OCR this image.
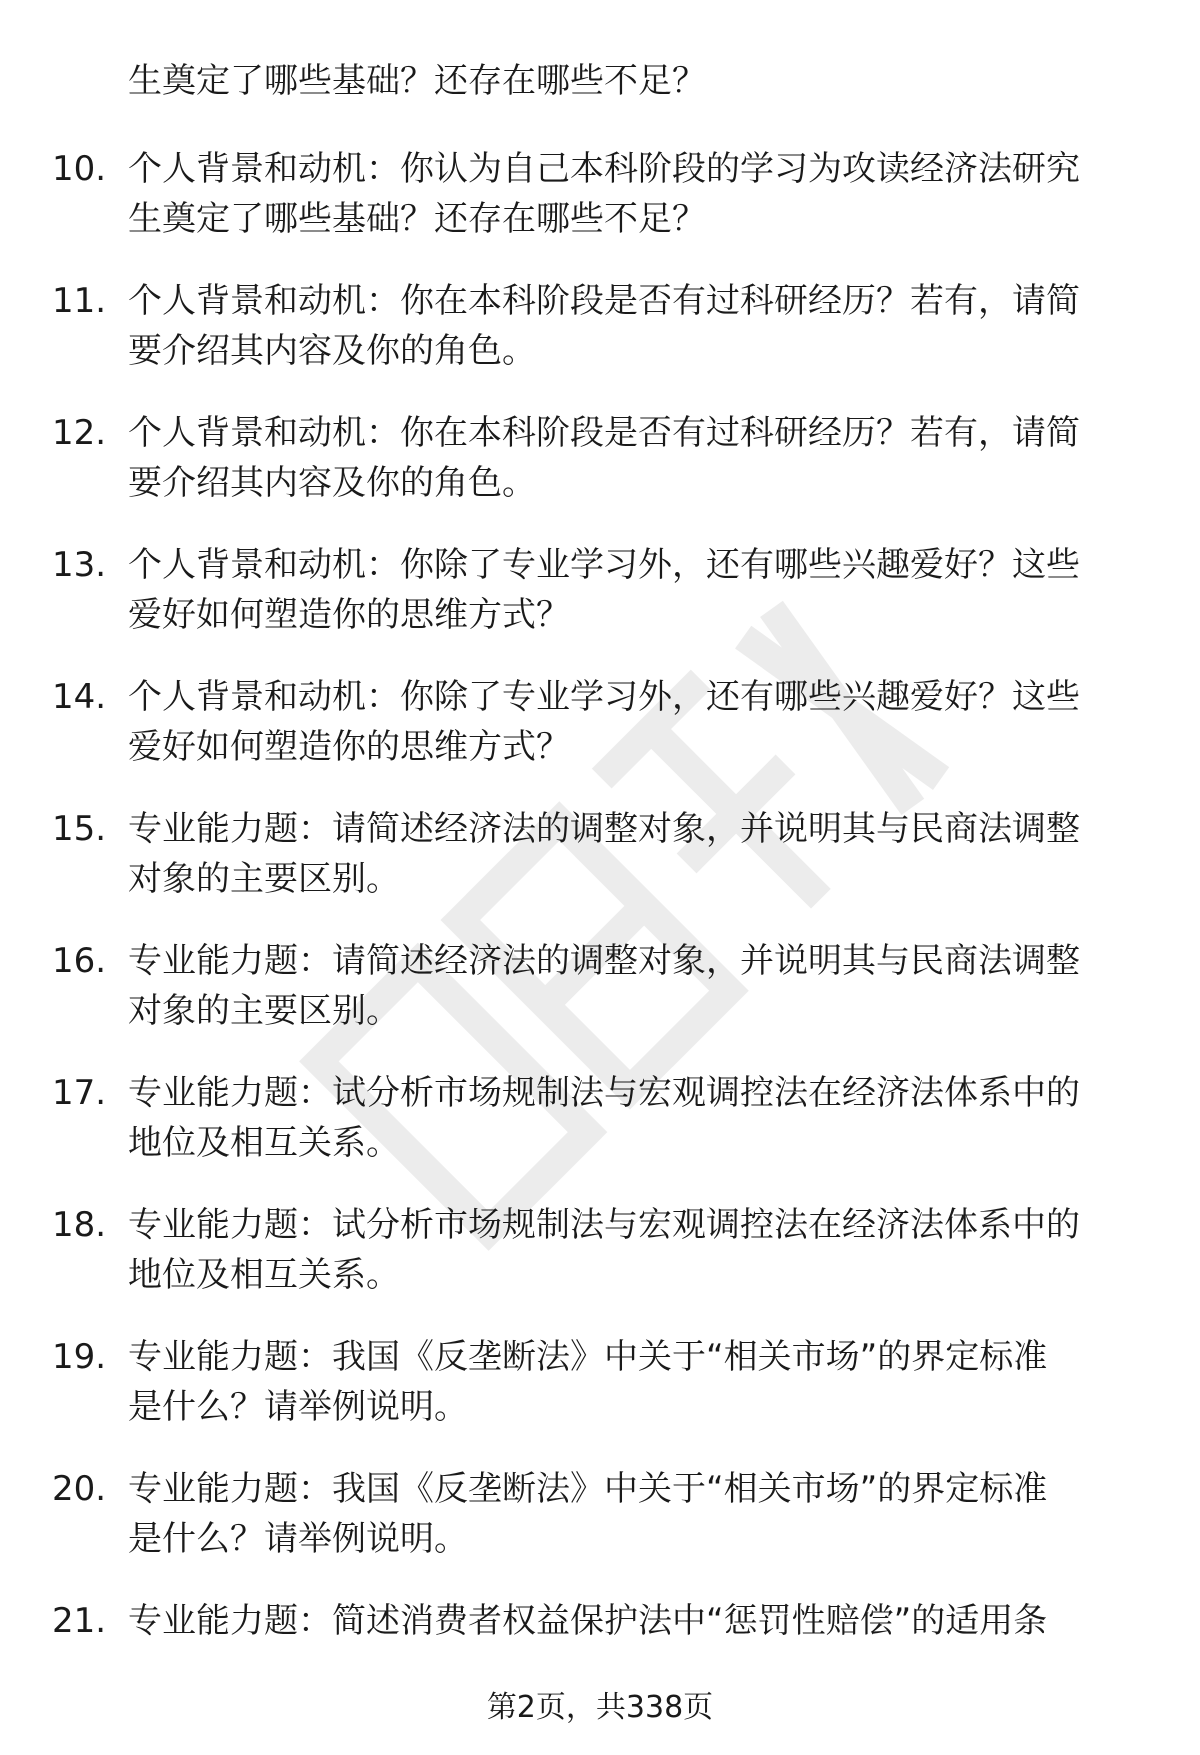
生奠定了哪些基础？还存在哪些不足？
10. 个人背景和动机：你认为自己本科阶段的学习为攻读经济法研究
生奠定了哪些基础？还存在哪些不足？
11. 个人背景和动机：你在本科阶段是否有过科研经历？若有，请简
要介绍其内容及你的角色。
12. 个人背景和动机：你在本科阶段是否有过科研经历？若有，请简
要介绍其内容及你的角色。
13. 个人背景和动机：你除了专业学习外，还有哪些兴趣爱好？这些
爱好如何塑造你的思维方式？
14. 个人背景和动机：你除了专业学习外，还有哪些兴趣爱好？这些
爱好如何塑造你的思维方式？
15. 专业能力题：请简述经济法的调整对象，并说明其与民商法调整
对象的主要区别。
16. 专业能力题：请简述经济法的调整对象，并说明其与民商法调整
对象的主要区别。
17. 专业能力题：试分析市场规制法与宏观调控法在经济法体系中的
地位及相互关系。
18. 专业能力题：试分析市场规制法与宏观调控法在经济法体系中的
地位及相互关系。
19. 专业能力题：我国《反垄断法》中关于“相关市场”的界定标准
是什么？请举例说明。
20. 专业能力题：我国《反垄断法》中关于“相关市场”的界定标准
是什么？请举例说明。
21. 专业能力题：简述消费者权益保护法中“惩罚性赔偿”的适用条
第2页，共338页
